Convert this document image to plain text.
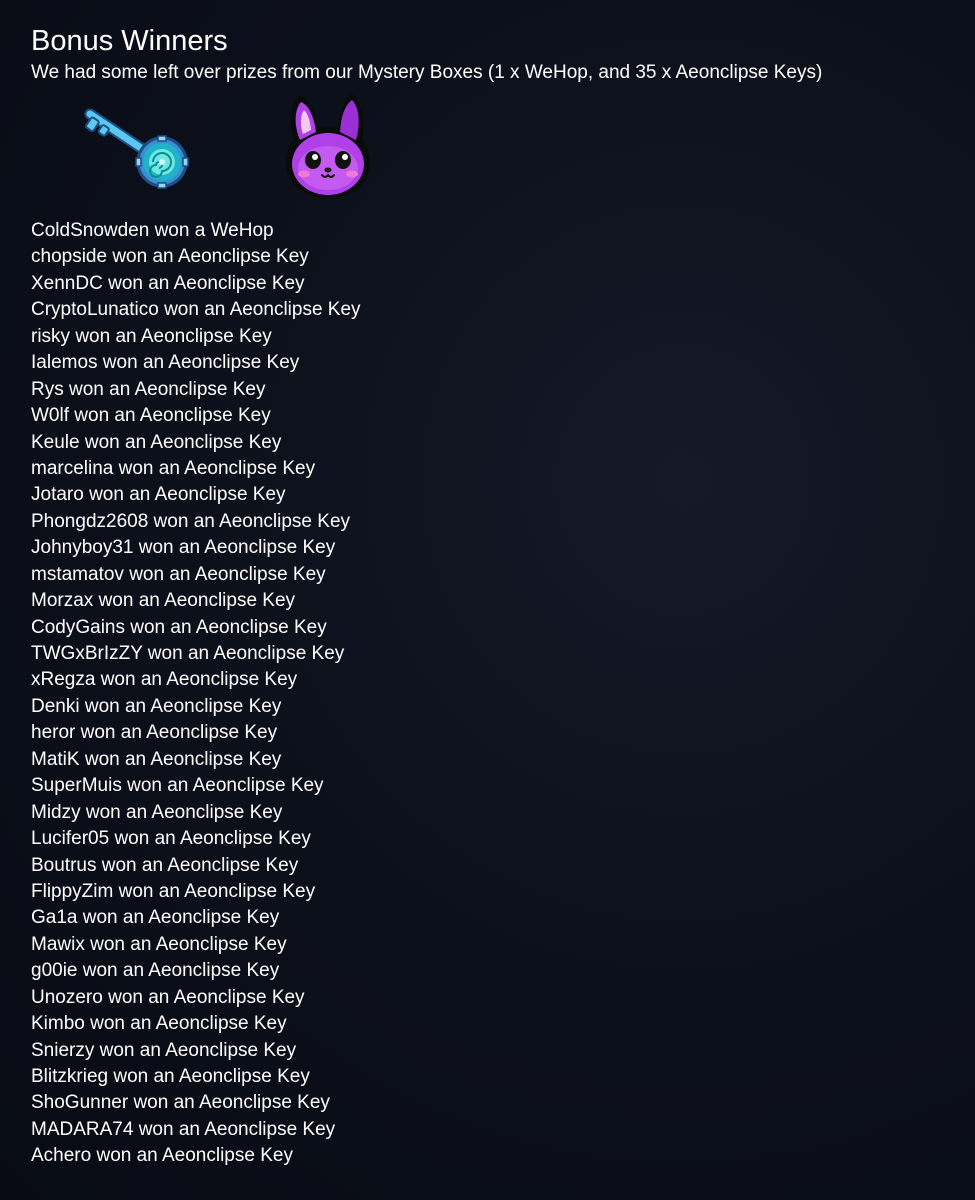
Bonus Winners

We had some left over prizes from our Mystery Boxes (1 x WeHop, and 35 x Aeonclipse Keys)

ColdSnowden won a WeHop
chopside won an Aeonclipse Key
XennDC won an Aeonclipse Key
CryptoLunatico won an Aeonclipse Key
risky won an Aeonclipse Key
Ialemos won an Aeonclipse Key
Rys won an Aeonclipse Key
W0lf won an Aeonclipse Key
Keule won an Aeonclipse Key
marcelina won an Aeonclipse Key
Jotaro won an Aeonclipse Key
Phongdz2608 won an Aeonclipse Key
Johnyboy31 won an Aeonclipse Key
mstamatov won an Aeonclipse Key
Morzax won an Aeonclipse Key
CodyGains won an Aeonclipse Key
TWGxBrIzZY won an Aeonclipse Key
xRegza won an Aeonclipse Key
Denki won an Aeonclipse Key
heror won an Aeonclipse Key
MatiK won an Aeonclipse Key
SuperMuis won an Aeonclipse Key
Midzy won an Aeonclipse Key
Lucifer05 won an Aeonclipse Key
Boutrus won an Aeonclipse Key
FlippyZim won an Aeonclipse Key
Ga1a won an Aeonclipse Key
Mawix won an Aeonclipse Key
g00ie won an Aeonclipse Key
Unozero won an Aeonclipse Key
Kimbo won an Aeonclipse Key
Snierzy won an Aeonclipse Key
Blitzkrieg won an Aeonclipse Key
ShoGunner won an Aeonclipse Key
MADARA74 won an Aeonclipse Key
Achero won an Aeonclipse Key
